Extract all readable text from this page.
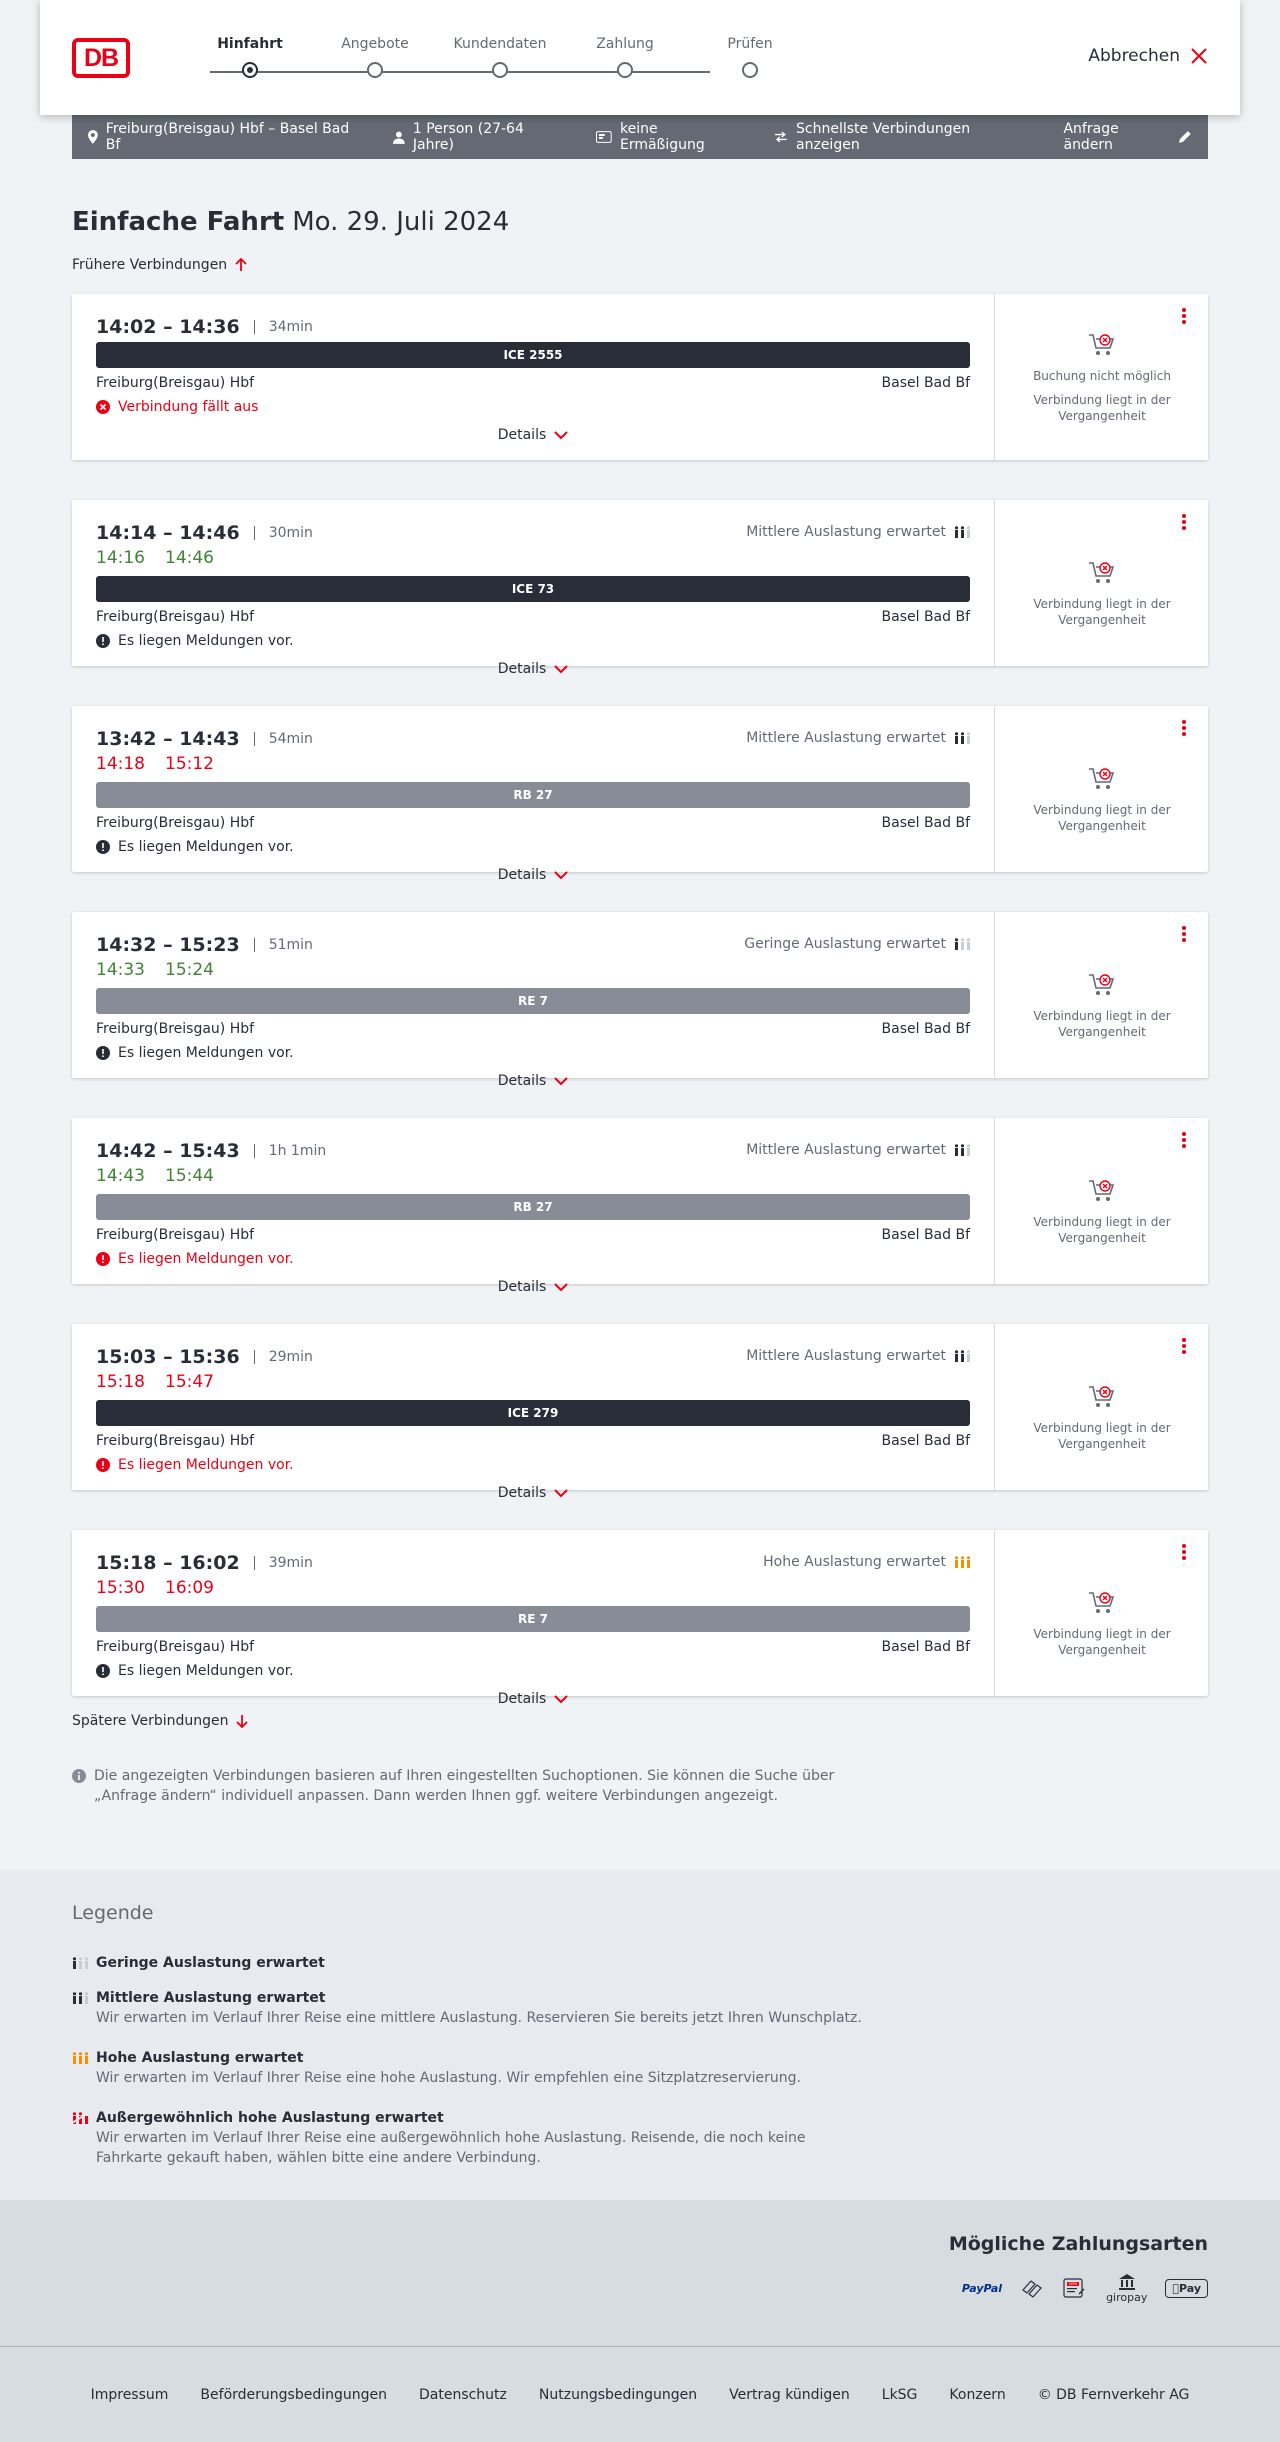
DB	Hinfahrt	Angebote	Kundendaten	Zahlung	Prüfen
Abbrechen
Freiburg(Breisgau) Hbf – Basel Bad Bf
1 Person (27-64 Jahre)
keine Ermäßigung
Schnellste Verbindungen anzeigen
Anfrage ändern
Einfache Fahrt Mo. 29. Juli 2024
Frühere Verbindungen
14:02 – 14:36	34min
ICE 2555
Freiburg(Breisgau) Hbf	Basel Bad Bf
Verbindung fällt aus
Details
Buchung nicht möglich
Verbindung liegt in der Vergangenheit
14:14 – 14:46	30min
14:16 14:46
Mittlere Auslastung erwartet
ICE 73
Freiburg(Breisgau) Hbf	Basel Bad Bf
Es liegen Meldungen vor.
Details
Verbindung liegt in der Vergangenheit
13:42 – 14:43	54min
14:18 15:12
Mittlere Auslastung erwartet
RB 27
Freiburg(Breisgau) Hbf	Basel Bad Bf
Es liegen Meldungen vor.
Details
Verbindung liegt in der Vergangenheit
14:32 – 15:23	51min
14:33 15:24
Geringe Auslastung erwartet
RE 7
Freiburg(Breisgau) Hbf	Basel Bad Bf
Es liegen Meldungen vor.
Details
Verbindung liegt in der Vergangenheit
14:42 – 15:43	1h 1min
14:43 15:44
Mittlere Auslastung erwartet
RB 27
Freiburg(Breisgau) Hbf	Basel Bad Bf
Es liegen Meldungen vor.
Details
Verbindung liegt in der Vergangenheit
15:03 – 15:36	29min
15:18 15:47
Mittlere Auslastung erwartet
ICE 279
Freiburg(Breisgau) Hbf	Basel Bad Bf
Es liegen Meldungen vor.
Details
Verbindung liegt in der Vergangenheit
15:18 – 16:02	39min
15:30 16:09
Hohe Auslastung erwartet
RE 7
Freiburg(Breisgau) Hbf	Basel Bad Bf
Es liegen Meldungen vor.
Details
Verbindung liegt in der Vergangenheit
Spätere Verbindungen
Die angezeigten Verbindungen basieren auf Ihren eingestellten Suchoptionen. Sie können die Suche über „Anfrage ändern“ individuell anpassen. Dann werden Ihnen ggf. weitere Verbindungen angezeigt.
Legende
Geringe Auslastung erwartet
Mittlere Auslastung erwartet
Wir erwarten im Verlauf Ihrer Reise eine mittlere Auslastung. Reservieren Sie bereits jetzt Ihren Wunschplatz.
Hohe Auslastung erwartet
Wir erwarten im Verlauf Ihrer Reise eine hohe Auslastung. Wir empfehlen eine Sitzplatzreservierung.
Außergewöhnlich hohe Auslastung erwartet
Wir erwarten im Verlauf Ihrer Reise eine außergewöhnlich hohe Auslastung. Reisende, die noch keine Fahrkarte gekauft haben, wählen bitte eine andere Verbindung.
Mögliche Zahlungsarten
PayPal	SEPA

giropay
Pay
Impressum Beförderungsbedingungen Datenschutz Nutzungsbedingungen Vertrag kündigen LkSG Konzern © DB Fernverkehr AG
